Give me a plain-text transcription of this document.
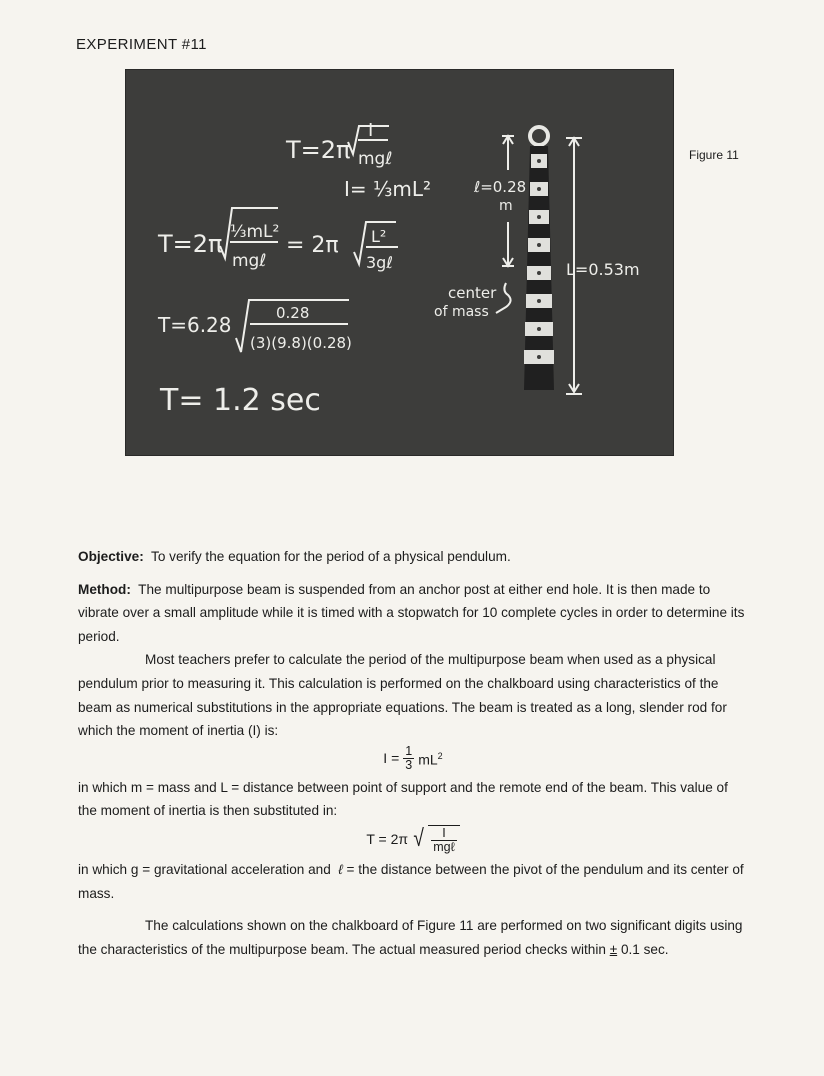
EXPERIMENT #11
T=2π
I
mgℓ
I= ⅓mL²
T=2π ⅓mL²
mgℓ
= 2π L²
3gℓ
T=6.28	0.28
(3)(9.8)(0.28)
T= 1.2 sec
ℓ=0.28
m
L=0.53m
center
of mass
Figure 11

Objective: To verify the equation for the period of a physical pendulum.

Method: The multipurpose beam is suspended from an anchor post at either end hole. It is then made to vibrate over a small amplitude while it is timed with a stopwatch for 10 complete cycles in order to determine its period.

Most teachers prefer to calculate the period of the multipurpose beam when used as a physical pendulum prior to measuring it. This calculation is performed on the chalkboard using characteristics of the beam as numerical substitutions in the appropriate equations. The beam is treated as a long, slender rod for which the moment of inertia (I) is:

$I = \frac{1}{3} mL^2$

in which m = mass and L = distance between point of support and the remote end of the beam. This value of the moment of inertia is then substituted in:

T = 2π √ $\frac{I}{\text{mgℓ}}$

in which g = gravitational acceleration and ℓ = the distance between the pivot of the pendulum and its center of mass.

The calculations shown on the chalkboard of Figure 11 are performed on two significant digits using the characteristics of the multipurpose beam. The actual measured period checks within ± 0.1 sec.
